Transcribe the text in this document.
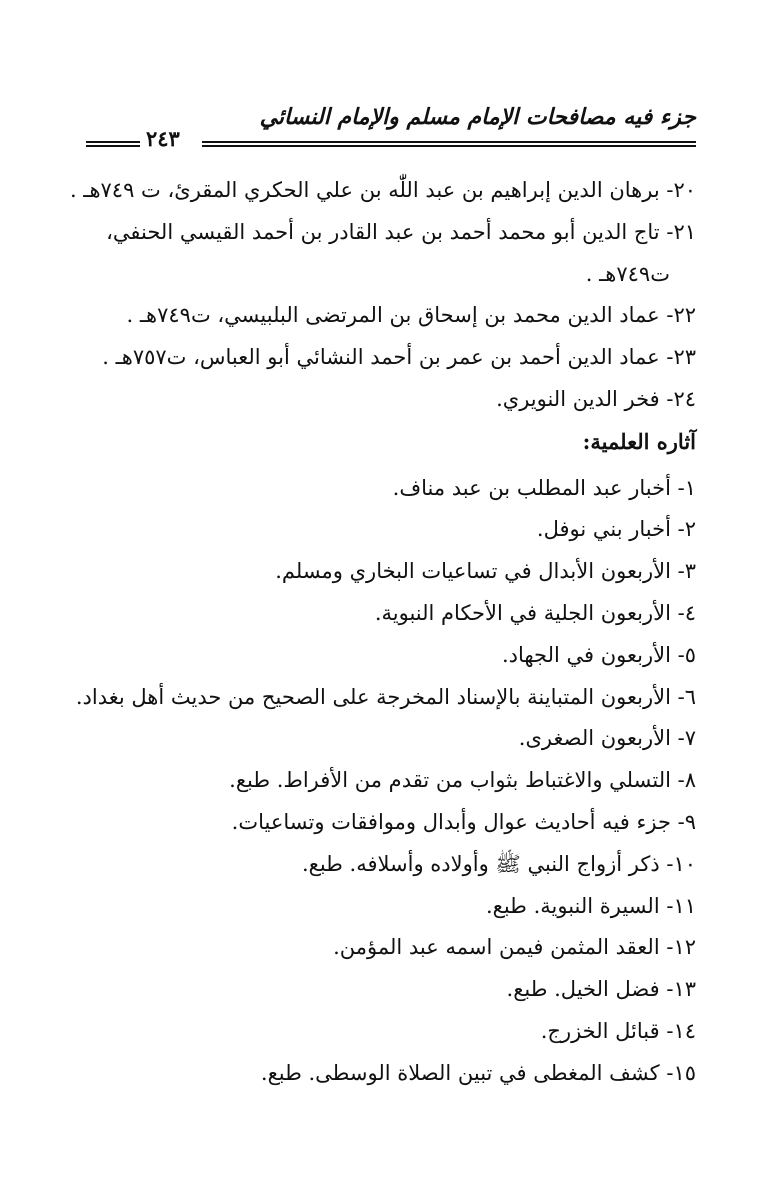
جزء فيه مصافحات الإمام مسلم والإمام النسائي
٢٤٣
٢٠- برهان الدين إبراهيم بن عبد اللّٰه بن علي الحكري المقرئ، ت ٧٤٩هـ .
٢١- تاج الدين أبو محمد أحمد بن عبد القادر بن أحمد القيسي الحنفي،
ت٧٤٩هـ .
٢٢- عماد الدين محمد بن إسحاق بن المرتضى البلبيسي، ت٧٤٩هـ .
٢٣- عماد الدين أحمد بن عمر بن أحمد النشائي أبو العباس، ت٧٥٧هـ .
٢٤- فخر الدين النويري.
آثاره العلمية:
١- أخبار عبد المطلب بن عبد مناف.
٢- أخبار بني نوفل.
٣- الأربعون الأبدال في تساعيات البخاري ومسلم.
٤- الأربعون الجلية في الأحكام النبوية.
٥- الأربعون في الجهاد.
٦- الأربعون المتباينة بالإسناد المخرجة على الصحيح من حديث أهل بغداد.
٧- الأربعون الصغرى.
٨- التسلي والاغتباط بثواب من تقدم من الأفراط. طبع.
٩- جزء فيه أحاديث عوال وأبدال وموافقات وتساعيات.
١٠- ذكر أزواج النبي ﷺ وأولاده وأسلافه. طبع.
١١- السيرة النبوية. طبع.
١٢- العقد المثمن فيمن اسمه عبد المؤمن.
١٣- فضل الخيل. طبع.
١٤- قبائل الخزرج.
١٥- كشف المغطى في تبين الصلاة الوسطى. طبع.
